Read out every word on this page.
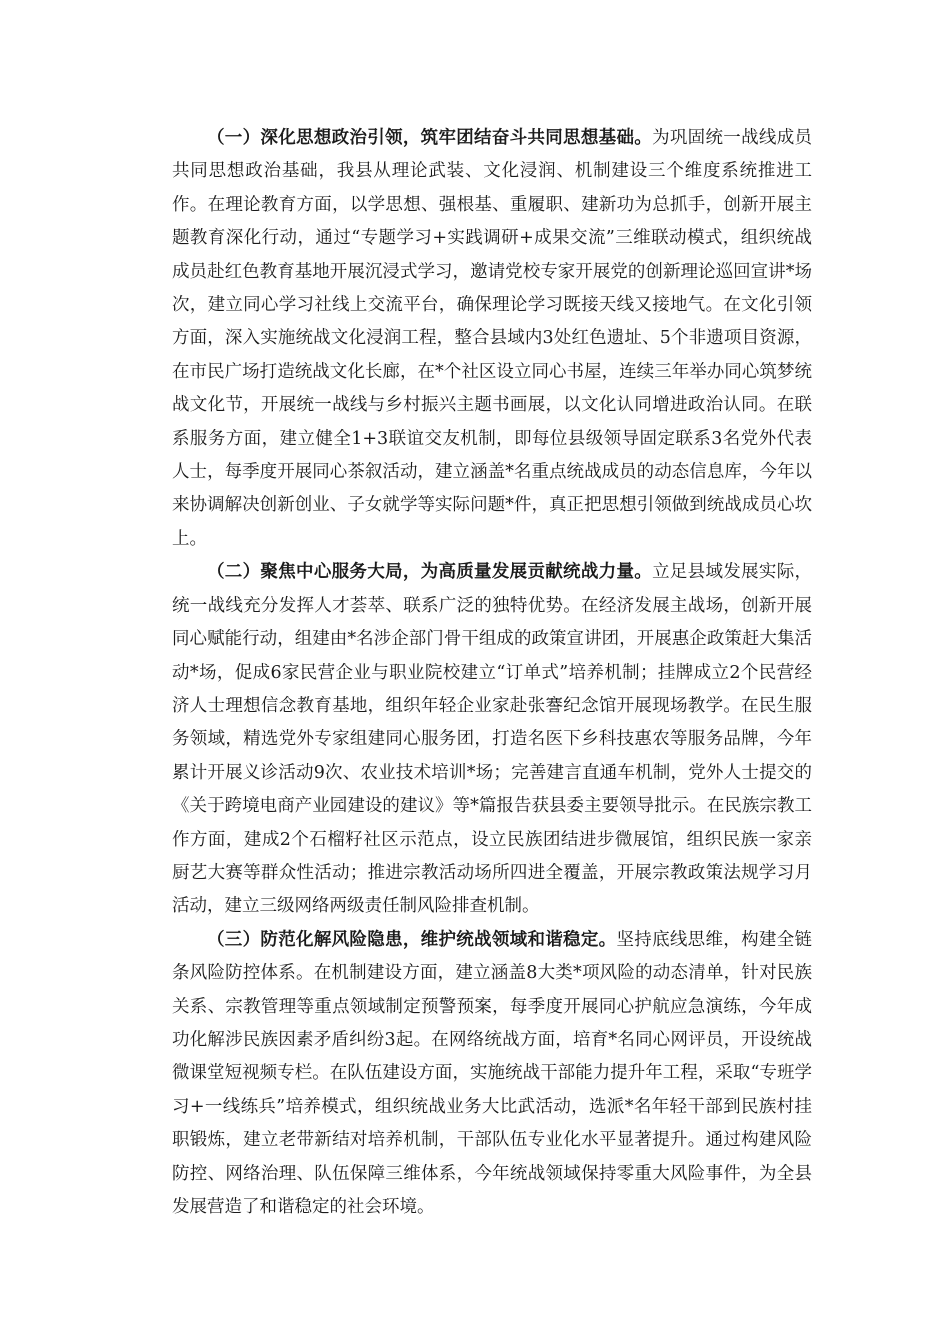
（一）深化思想政治引领，筑牢团结奋斗共同思想基础。为巩固统一战线成员共同思想政治基础，我县从理论武装、文化浸润、机制建设三个维度系统推进工作。在理论教育方面，以学思想、强根基、重履职、建新功为总抓手，创新开展主题教育深化行动，通过“专题学习+实践调研+成果交流”三维联动模式，组织统战成员赴红色教育基地开展沉浸式学习，邀请党校专家开展党的创新理论巡回宣讲*场次，建立同心学习社线上交流平台，确保理论学习既接天线又接地气。在文化引领方面，深入实施统战文化浸润工程，整合县域内3处红色遗址、5个非遗项目资源，在市民广场打造统战文化长廊，在*个社区设立同心书屋，连续三年举办同心筑梦统战文化节，开展统一战线与乡村振兴主题书画展，以文化认同增进政治认同。在联系服务方面，建立健全1+3联谊交友机制，即每位县级领导固定联系3名党外代表人士，每季度开展同心茶叙活动，建立涵盖*名重点统战成员的动态信息库，今年以来协调解决创新创业、子女就学等实际问题*件，真正把思想引领做到统战成员心坎上。

（二）聚焦中心服务大局，为高质量发展贡献统战力量。立足县域发展实际，统一战线充分发挥人才荟萃、联系广泛的独特优势。在经济发展主战场，创新开展同心赋能行动，组建由*名涉企部门骨干组成的政策宣讲团，开展惠企政策赶大集活动*场，促成6家民营企业与职业院校建立“订单式”培养机制；挂牌成立2个民营经济人士理想信念教育基地，组织年轻企业家赴张謇纪念馆开展现场教学。在民生服务领域，精选党外专家组建同心服务团，打造名医下乡科技惠农等服务品牌，今年累计开展义诊活动9次、农业技术培训*场；完善建言直通车机制，党外人士提交的《关于跨境电商产业园建设的建议》等*篇报告获县委主要领导批示。在民族宗教工作方面，建成2个石榴籽社区示范点，设立民族团结进步微展馆，组织民族一家亲厨艺大赛等群众性活动；推进宗教活动场所四进全覆盖，开展宗教政策法规学习月活动，建立三级网络两级责任制风险排查机制。

（三）防范化解风险隐患，维护统战领域和谐稳定。坚持底线思维，构建全链条风险防控体系。在机制建设方面，建立涵盖8大类*项风险的动态清单，针对民族关系、宗教管理等重点领域制定预警预案，每季度开展同心护航应急演练，今年成功化解涉民族因素矛盾纠纷3起。在网络统战方面，培育*名同心网评员，开设统战微课堂短视频专栏。在队伍建设方面，实施统战干部能力提升年工程，采取“专班学习+一线练兵”培养模式，组织统战业务大比武活动，选派*名年轻干部到民族村挂职锻炼，建立老带新结对培养机制，干部队伍专业化水平显著提升。通过构建风险防控、网络治理、队伍保障三维体系，今年统战领域保持零重大风险事件，为全县发展营造了和谐稳定的社会环境。
